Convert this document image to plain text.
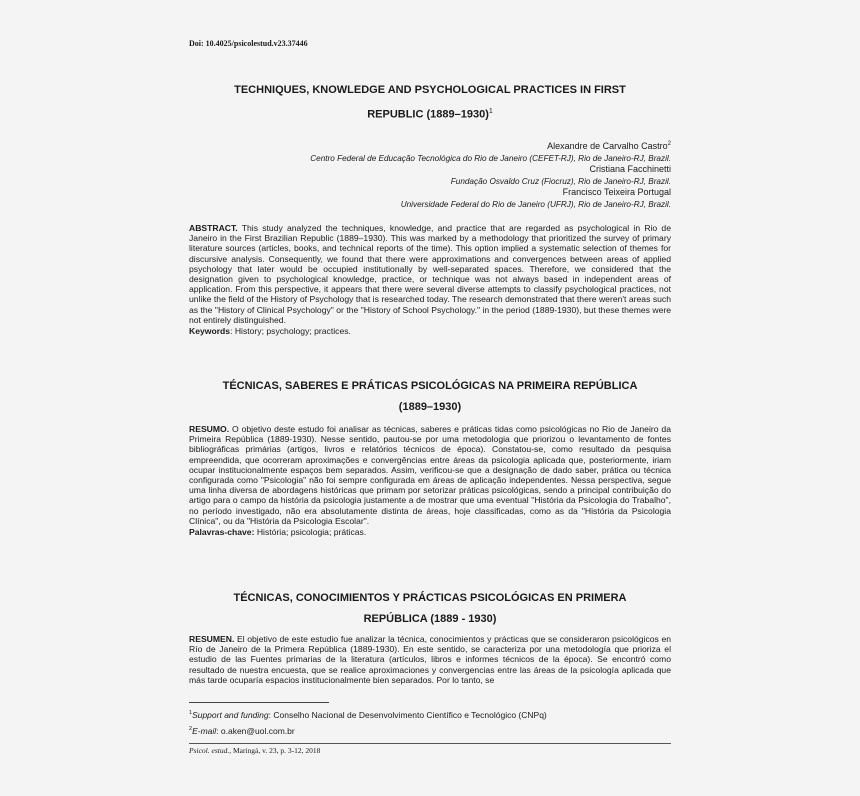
Doi: 10.4025/psicolestud.v23.37446
TECHNIQUES, KNOWLEDGE AND PSYCHOLOGICAL PRACTICES IN FIRST
REPUBLIC (1889–1930)$^1$
Alexandre de Carvalho Castro$^2$
Centro Federal de Educação Tecnológica do Rio de Janeiro (CEFET-RJ), Rio de Janeiro-RJ, Brazil.
Cristiana Facchinetti
Fundação Osvaldo Cruz (Fiocruz), Rio de Janeiro-RJ, Brazil.
Francisco Teixeira Portugal
Universidade Federal do Rio de Janeiro (UFRJ), Rio de Janeiro-RJ, Brazil.
ABSTRACT. This study analyzed the techniques, knowledge, and practice that are regarded as psychological in Rio de Janeiro in the First Brazilian Republic (1889–1930). This was marked by a methodology that prioritized the survey of primary literature sources (articles, books, and technical reports of the time). This option implied a systematic selection of themes for discursive analysis. Consequently, we found that there were approximations and convergences between areas of applied psychology that later would be occupied institutionally by well-separated spaces. Therefore, we considered that the designation given to psychological knowledge, practice, or technique was not always based in independent areas of application. From this perspective, it appears that there were several diverse attempts to classify psychological practices, not unlike the field of the History of Psychology that is researched today. The research demonstrated that there weren't areas such as the "History of Clinical Psychology" or the "History of School Psychology." in the period (1889-1930), but these themes were not entirely distinguished.
Keywords: History; psychology; practices.
TÉCNICAS, SABERES E PRÁTICAS PSICOLÓGICAS NA PRIMEIRA REPÚBLICA
(1889–1930)
RESUMO. O objetivo deste estudo foi analisar as técnicas, saberes e práticas tidas como psicológicas no Rio de Janeiro da Primeira República (1889-1930). Nesse sentido, pautou-se por uma metodologia que priorizou o levantamento de fontes bibliográficas primárias (artigos, livros e relatórios técnicos de época). Constatou-se, como resultado da pesquisa empreendida, que ocorreram aproximações e convergências entre áreas da psicologia aplicada que, posteriormente, iriam ocupar institucionalmente espaços bem separados. Assim, verificou-se que a designação de dado saber, prática ou técnica configurada como "Psicologia" não foi sempre configurada em áreas de aplicação independentes. Nessa perspectiva, segue uma linha diversa de abordagens históricas que primam por setorizar práticas psicológicas, sendo a principal contribuição do artigo para o campo da história da psicologia justamente a de mostrar que uma eventual "História da Psicologia do Trabalho", no período investigado, não era absolutamente distinta de áreas, hoje classificadas, como as da "História da Psicologia Clínica", ou da "História da Psicologia Escolar".
Palavras-chave: História; psicologia; práticas.
TÉCNICAS, CONOCIMIENTOS Y PRÁCTICAS PSICOLÓGICAS EN PRIMERA
REPÚBLICA (1889 - 1930)
RESUMEN. El objetivo de este estudio fue analizar la técnica, conocimientos y prácticas que se consideraron psicológicos en Río de Janeiro de la Primera República (1889-1930). En este sentido, se caracteriza por una metodología que prioriza el estudio de las Fuentes primarias de la literatura (artículos, libros e informes técnicos de la época). Se encontró como resultado de nuestra encuesta, que se realice aproximaciones y convergencias entre las áreas de la psicología aplicada que más tarde ocuparía espacios institucionalmente bien separados. Por lo tanto, se
$^1$Support and funding: Conselho Nacional de Desenvolvimento Científico e Tecnológico (CNPq)
$^2$E-mail: o.aken@uol.com.br
Psicol. estud., Maringá, v. 23, p. 3-12, 2018
